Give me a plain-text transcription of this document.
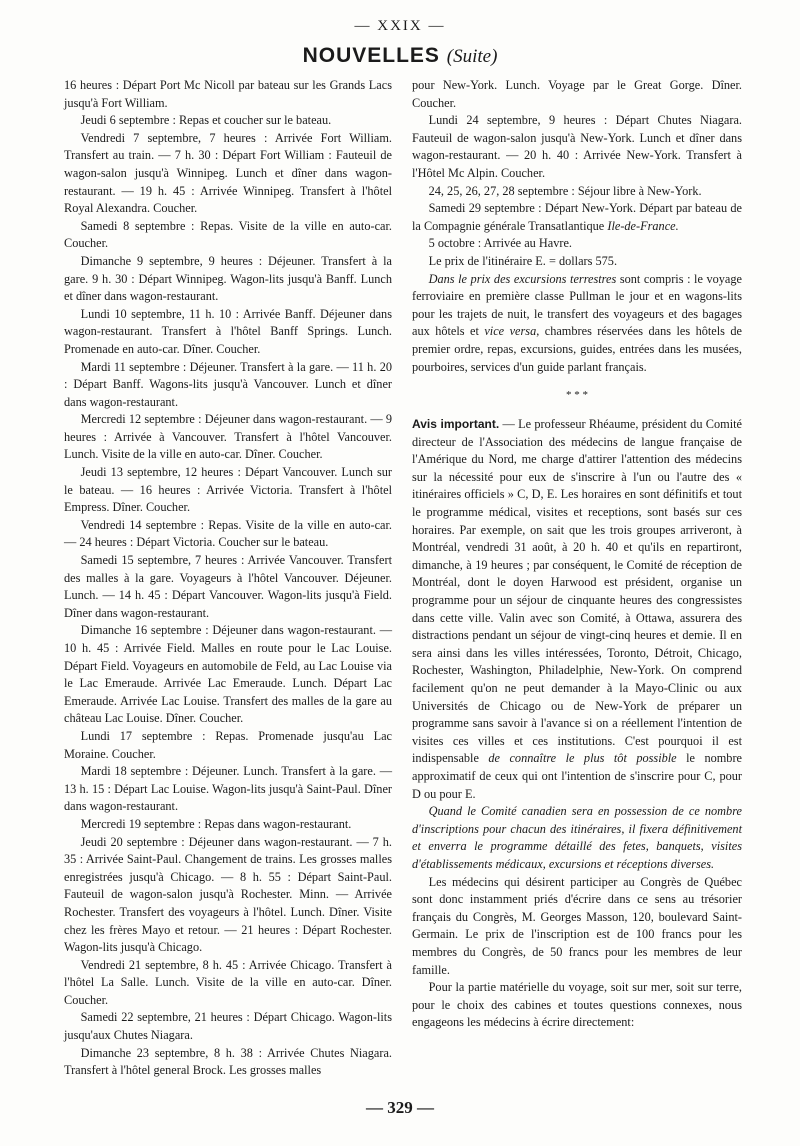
— XXIX —
NOUVELLES (Suite)

16 heures : Départ Port Mc Nicoll par bateau sur les Grands Lacs jusqu'à Fort William.

Jeudi 6 septembre : Repas et coucher sur le bateau.

Vendredi 7 septembre, 7 heures : Arrivée Fort William. Transfert au train. — 7 h. 30 : Départ Fort William : Fauteuil de wagon-salon jusqu'à Winnipeg. Lunch et dîner dans wagon-restaurant. — 19 h. 45 : Arrivée Winnipeg. Transfert à l'hôtel Royal Alexandra. Coucher.

Samedi 8 septembre : Repas. Visite de la ville en auto-car. Coucher.

Dimanche 9 septembre, 9 heures : Déjeuner. Transfert à la gare. 9 h. 30 : Départ Winnipeg. Wagon-lits jusqu'à Banff. Lunch et dîner dans wagon-restaurant.

Lundi 10 septembre, 11 h. 10 : Arrivée Banff. Déjeuner dans wagon-restaurant. Transfert à l'hôtel Banff Springs. Lunch. Promenade en auto-car. Dîner. Coucher.

Mardi 11 septembre : Déjeuner. Transfert à la gare. — 11 h. 20 : Départ Banff. Wagons-lits jusqu'à Vancouver. Lunch et dîner dans wagon-restaurant.

Mercredi 12 septembre : Déjeuner dans wagon-restaurant. — 9 heures : Arrivée à Vancouver. Transfert à l'hôtel Vancouver. Lunch. Visite de la ville en auto-car. Dîner. Coucher.

Jeudi 13 septembre, 12 heures : Départ Vancouver. Lunch sur le bateau. — 16 heures : Arrivée Victoria. Transfert à l'hôtel Empress. Dîner. Coucher.

Vendredi 14 septembre : Repas. Visite de la ville en auto-car. — 24 heures : Départ Victoria. Coucher sur le bateau.

Samedi 15 septembre, 7 heures : Arrivée Vancouver. Transfert des malles à la gare. Voyageurs à l'hôtel Vancouver. Déjeuner. Lunch. — 14 h. 45 : Départ Vancouver. Wagon-lits jusqu'à Field. Dîner dans wagon-restaurant.

Dimanche 16 septembre : Déjeuner dans wagon-restaurant. — 10 h. 45 : Arrivée Field. Malles en route pour le Lac Louise. Départ Field. Voyageurs en automobile de Feld, au Lac Louise via le Lac Emeraude. Arrivée Lac Emeraude. Lunch. Départ Lac Emeraude. Arrivée Lac Louise. Transfert des malles de la gare au château Lac Louise. Dîner. Coucher.

Lundi 17 septembre : Repas. Promenade jusqu'au Lac Moraine. Coucher.

Mardi 18 septembre : Déjeuner. Lunch. Transfert à la gare. — 13 h. 15 : Départ Lac Louise. Wagon-lits jusqu'à Saint-Paul. Dîner dans wagon-restaurant.

Mercredi 19 septembre : Repas dans wagon-restaurant.

Jeudi 20 septembre : Déjeuner dans wagon-restaurant. — 7 h. 35 : Arrivée Saint-Paul. Changement de trains. Les grosses malles enregistrées jusqu'à Chicago. — 8 h. 55 : Départ Saint-Paul. Fauteuil de wagon-salon jusqu'à Rochester. Minn. — Arrivée Rochester. Transfert des voyageurs à l'hôtel. Lunch. Dîner. Visite chez les frères Mayo et retour. — 21 heures : Départ Rochester. Wagon-lits jusqu'à Chicago.

Vendredi 21 septembre, 8 h. 45 : Arrivée Chicago. Transfert à l'hôtel La Salle. Lunch. Visite de la ville en auto-car. Dîner. Coucher.

Samedi 22 septembre, 21 heures : Départ Chicago. Wagon-lits jusqu'aux Chutes Niagara.

Dimanche 23 septembre, 8 h. 38 : Arrivée Chutes Niagara. Transfert à l'hôtel general Brock. Les grosses malles

pour New-York. Lunch. Voyage par le Great Gorge. Dîner. Coucher.

Lundi 24 septembre, 9 heures : Départ Chutes Niagara. Fauteuil de wagon-salon jusqu'à New-York. Lunch et dîner dans wagon-restaurant. — 20 h. 40 : Arrivée New-York. Transfert à l'Hôtel Mc Alpin. Coucher.

24, 25, 26, 27, 28 septembre : Séjour libre à New-York.

Samedi 29 septembre : Départ New-York. Départ par bateau de la Compagnie générale Transatlantique Ile-de-France.

5 octobre : Arrivée au Havre.

Le prix de l'itinéraire E. = dollars 575.

Dans le prix des excursions terrestres sont compris : le voyage ferroviaire en première classe Pullman le jour et en wagons-lits pour les trajets de nuit, le transfert des voyageurs et des bagages aux hôtels et vice versa, chambres réservées dans les hôtels de premier ordre, repas, excursions, guides, entrées dans les musées, pourboires, services d'un guide parlant français.

* * *

Avis important. — Le professeur Rhéaume, président du Comité directeur de l'Association des médecins de langue française de l'Amérique du Nord, me charge d'attirer l'attention des médecins sur la nécessité pour eux de s'inscrire à l'un ou l'autre des « itinéraires officiels » C, D, E. Les horaires en sont définitifs et tout le programme médical, visites et receptions, sont basés sur ces horaires. Par exemple, on sait que les trois groupes arriveront, à Montréal, vendredi 31 août, à 20 h. 40 et qu'ils en repartiront, dimanche, à 19 heures ; par conséquent, le Comité de réception de Montréal, dont le doyen Harwood est président, organise un programme pour un séjour de cinquante heures des congressistes dans cette ville. Valin avec son Comité, à Ottawa, assurera des distractions pendant un séjour de vingt-cinq heures et demie. Il en sera ainsi dans les villes intéressées, Toronto, Détroit, Chicago, Rochester, Washington, Philadelphie, New-York. On comprend facilement qu'on ne peut demander à la Mayo-Clinic ou aux Universités de Chicago ou de New-York de préparer un programme sans savoir à l'avance si on a réellement l'intention de visites ces villes et ces institutions. C'est pourquoi il est indispensable de connaître le plus tôt possible le nombre approximatif de ceux qui ont l'intention de s'inscrire pour C, pour D ou pour E.

Quand le Comité canadien sera en possession de ce nombre d'inscriptions pour chacun des itinéraires, il fixera définitivement et enverra le programme détaillé des fetes, banquets, visites d'établissements médicaux, excursions et réceptions diverses.

Les médecins qui désirent participer au Congrès de Québec sont donc instamment priés d'écrire dans ce sens au trésorier français du Congrès, M. Georges Masson, 120, boulevard Saint-Germain. Le prix de l'inscription est de 100 francs pour les membres du Congrès, de 50 francs pour les membres de leur famille.

Pour la partie matérielle du voyage, soit sur mer, soit sur terre, pour le choix des cabines et toutes questions connexes, nous engageons les médecins à écrire directement:

— 329 —
